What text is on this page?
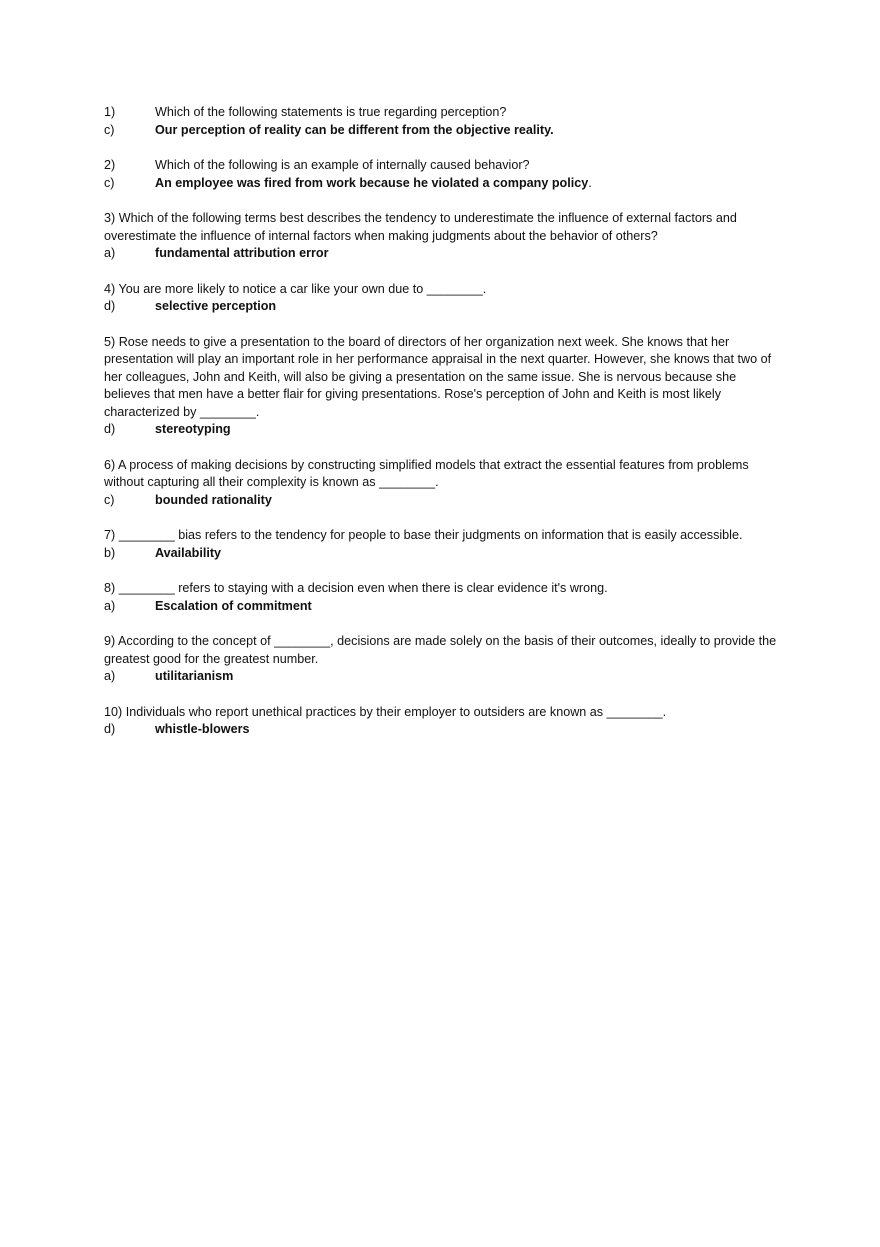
1)	Which of the following statements is true regarding perception?
c)	Our perception of reality can be different from the objective reality.
2)	Which of the following is an example of internally caused behavior?
c)	An employee was fired from work because he violated a company policy.
3) Which of the following terms best describes the tendency to underestimate the influence of external factors and overestimate the influence of internal factors when making judgments about the behavior of others?
a)	fundamental attribution error
4) You are more likely to notice a car like your own due to ________.
d)	selective perception
5) Rose needs to give a presentation to the board of directors of her organization next week. She knows that her presentation will play an important role in her performance appraisal in the next quarter. However, she knows that two of her colleagues, John and Keith, will also be giving a presentation on the same issue. She is nervous because she believes that men have a better flair for giving presentations. Rose's perception of John and Keith is most likely characterized by ________.
d)	stereotyping
6) A process of making decisions by constructing simplified models that extract the essential features from problems without capturing all their complexity is known as ________.
c)	bounded rationality
7) ________ bias refers to the tendency for people to base their judgments on information that is easily accessible.
b)	Availability
8) ________ refers to staying with a decision even when there is clear evidence it's wrong.
a)	Escalation of commitment
9) According to the concept of ________, decisions are made solely on the basis of their outcomes, ideally to provide the greatest good for the greatest number.
a)	utilitarianism
10) Individuals who report unethical practices by their employer to outsiders are known as ________.
d)	whistle-blowers
